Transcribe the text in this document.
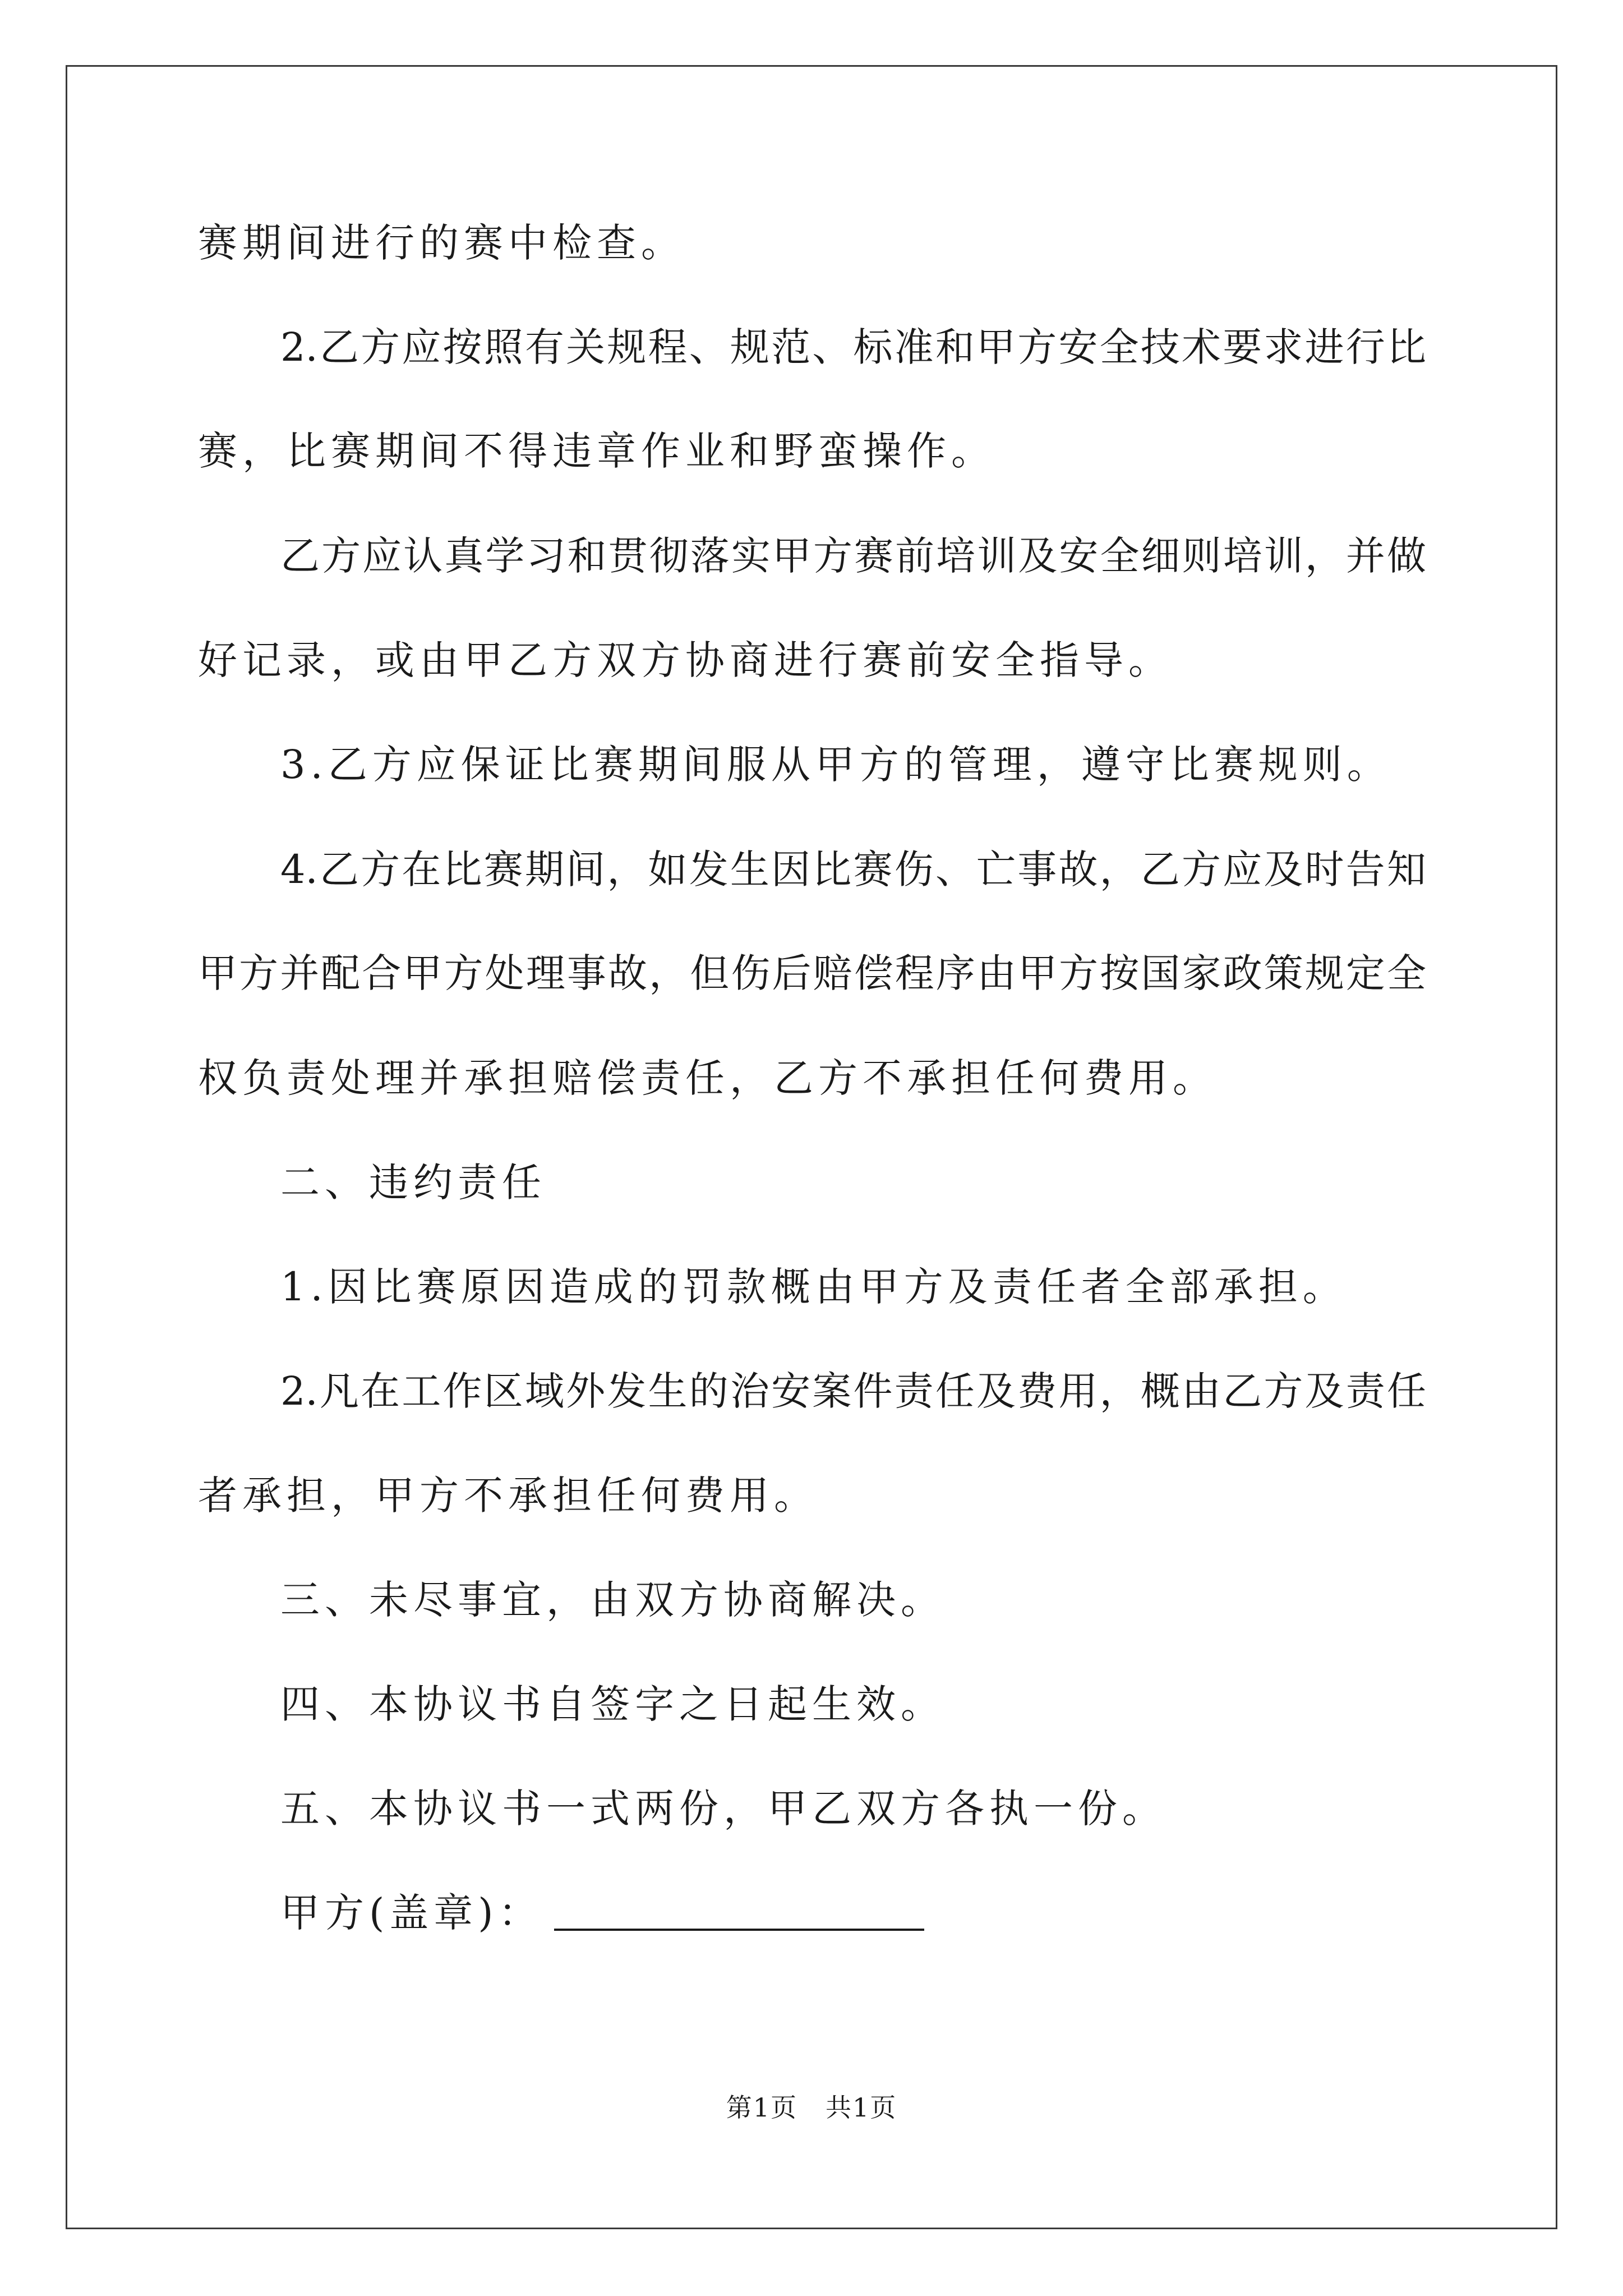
赛期间进行的赛中检查。
2.乙方应按照有关规程、规范、标准和甲方安全技术要求进行比
赛，比赛期间不得违章作业和野蛮操作。
乙方应认真学习和贯彻落实甲方赛前培训及安全细则培训，并做
好记录，或由甲乙方双方协商进行赛前安全指导。
3.乙方应保证比赛期间服从甲方的管理，遵守比赛规则。
4.乙方在比赛期间，如发生因比赛伤、亡事故，乙方应及时告知
甲方并配合甲方处理事故，但伤后赔偿程序由甲方按国家政策规定全
权负责处理并承担赔偿责任，乙方不承担任何费用。
二、违约责任
1.因比赛原因造成的罚款概由甲方及责任者全部承担。
2.凡在工作区域外发生的治安案件责任及费用，概由乙方及责任
者承担，甲方不承担任何费用。
三、未尽事宜，由双方协商解决。
四、本协议书自签字之日起生效。
五、本协议书一式两份，甲乙双方各执一份。
甲方(盖章)：
第1页 共1页
